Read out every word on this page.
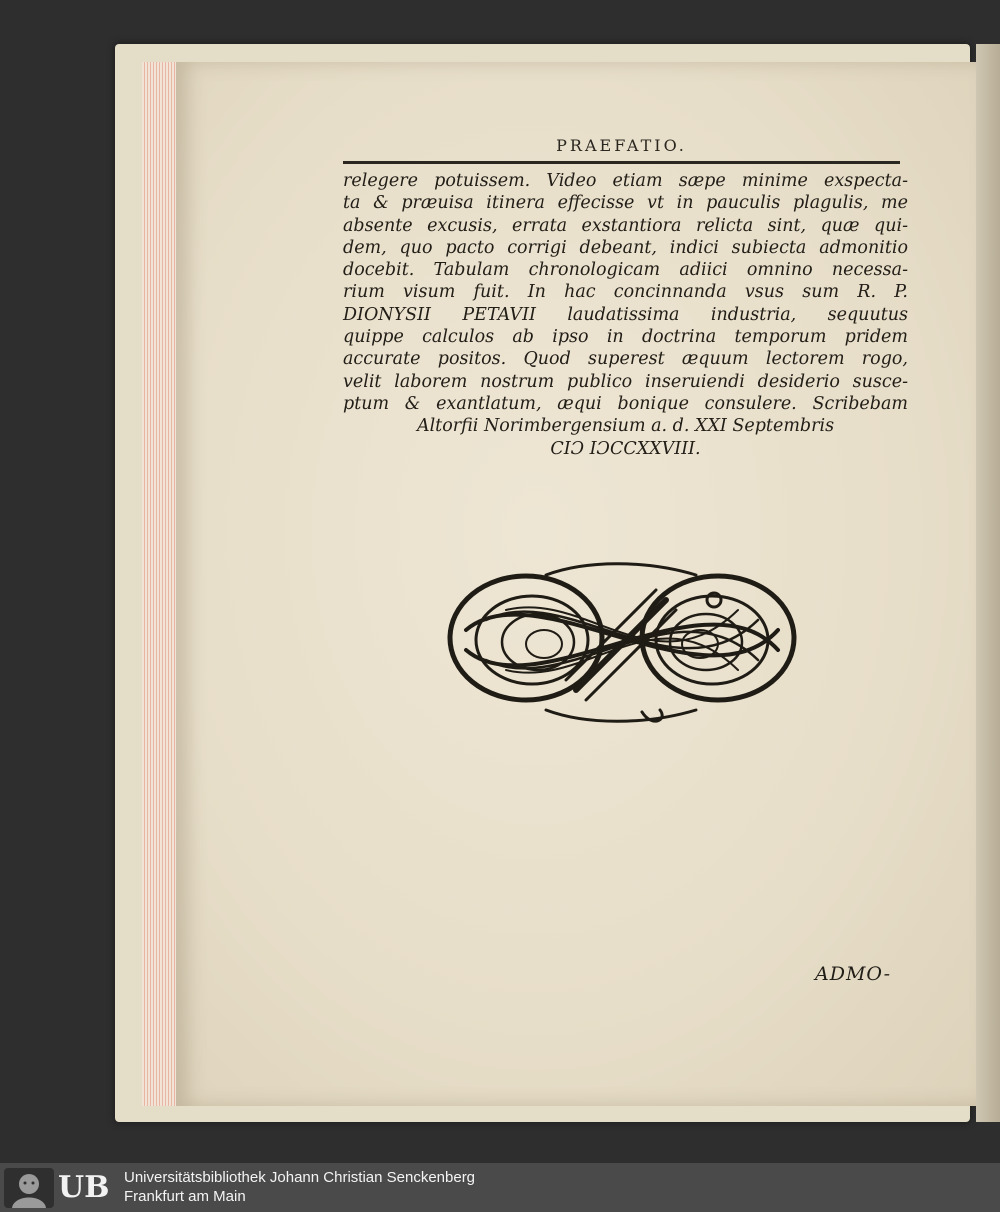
PRAEFATIO.
relegere potuissem. Video etiam sæpe minime exspecta-
ta & præuisa itinera effecisse vt in pauculis plagulis, me
absente excusis, errata exstantiora relicta sint, quæ qui-
dem, quo pacto corrigi debeant, indici subiecta admonitio
docebit. Tabulam chronologicam adiici omnino necessa-
rium visum fuit. In hac concinnanda vsus sum R. P.
DIONYSII PETAVII laudatissima industria, sequutus
quippe calculos ab ipso in doctrina temporum pridem
accurate positos. Quod superest æquum lectorem rogo,
velit laborem nostrum publico inseruiendi desiderio susce-
ptum & exantlatum, æqui bonique consulere. Scribebam
Altorfii Norimbergensium a. d. XXI Septembris
CIƆ IƆCCXXVIII.
ADMO-
UB Universitätsbibliothek Johann Christian Senckenberg
Frankfurt am Main
